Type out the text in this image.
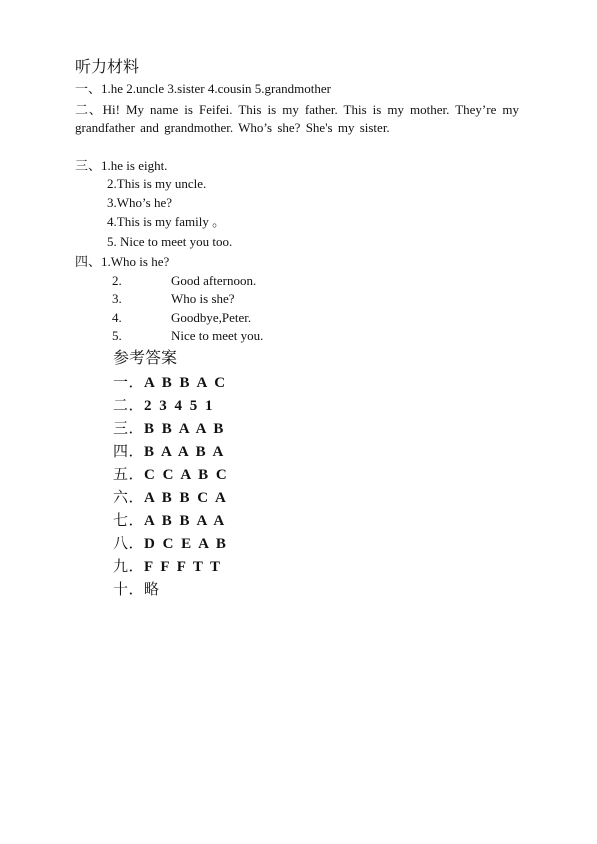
听力材料
一、1.he 2.uncle 3.sister 4.cousin 5.grandmother
二、Hi! My name is Feifei. This is my father. This is my mother. They’re my grandfather and grandmother. Who’s she? She's my sister.
三、1.he is eight.
2.This is my uncle.
3.Who’s he?
4.This is my family 。
5. Nice to meet you too.
四、1.Who is he?
2.	Good afternoon.
3.	Who is she?
4.	Goodbye,Peter.
5.	Nice to meet you.
参考答案
一．A B B A C
二．2 3 4 5 1
三．B B A A B
四．B A A B A
五．C C A B C
六．A B B C A
七．A B B A A
八．D C E A B
九．F F F T T
十．略
